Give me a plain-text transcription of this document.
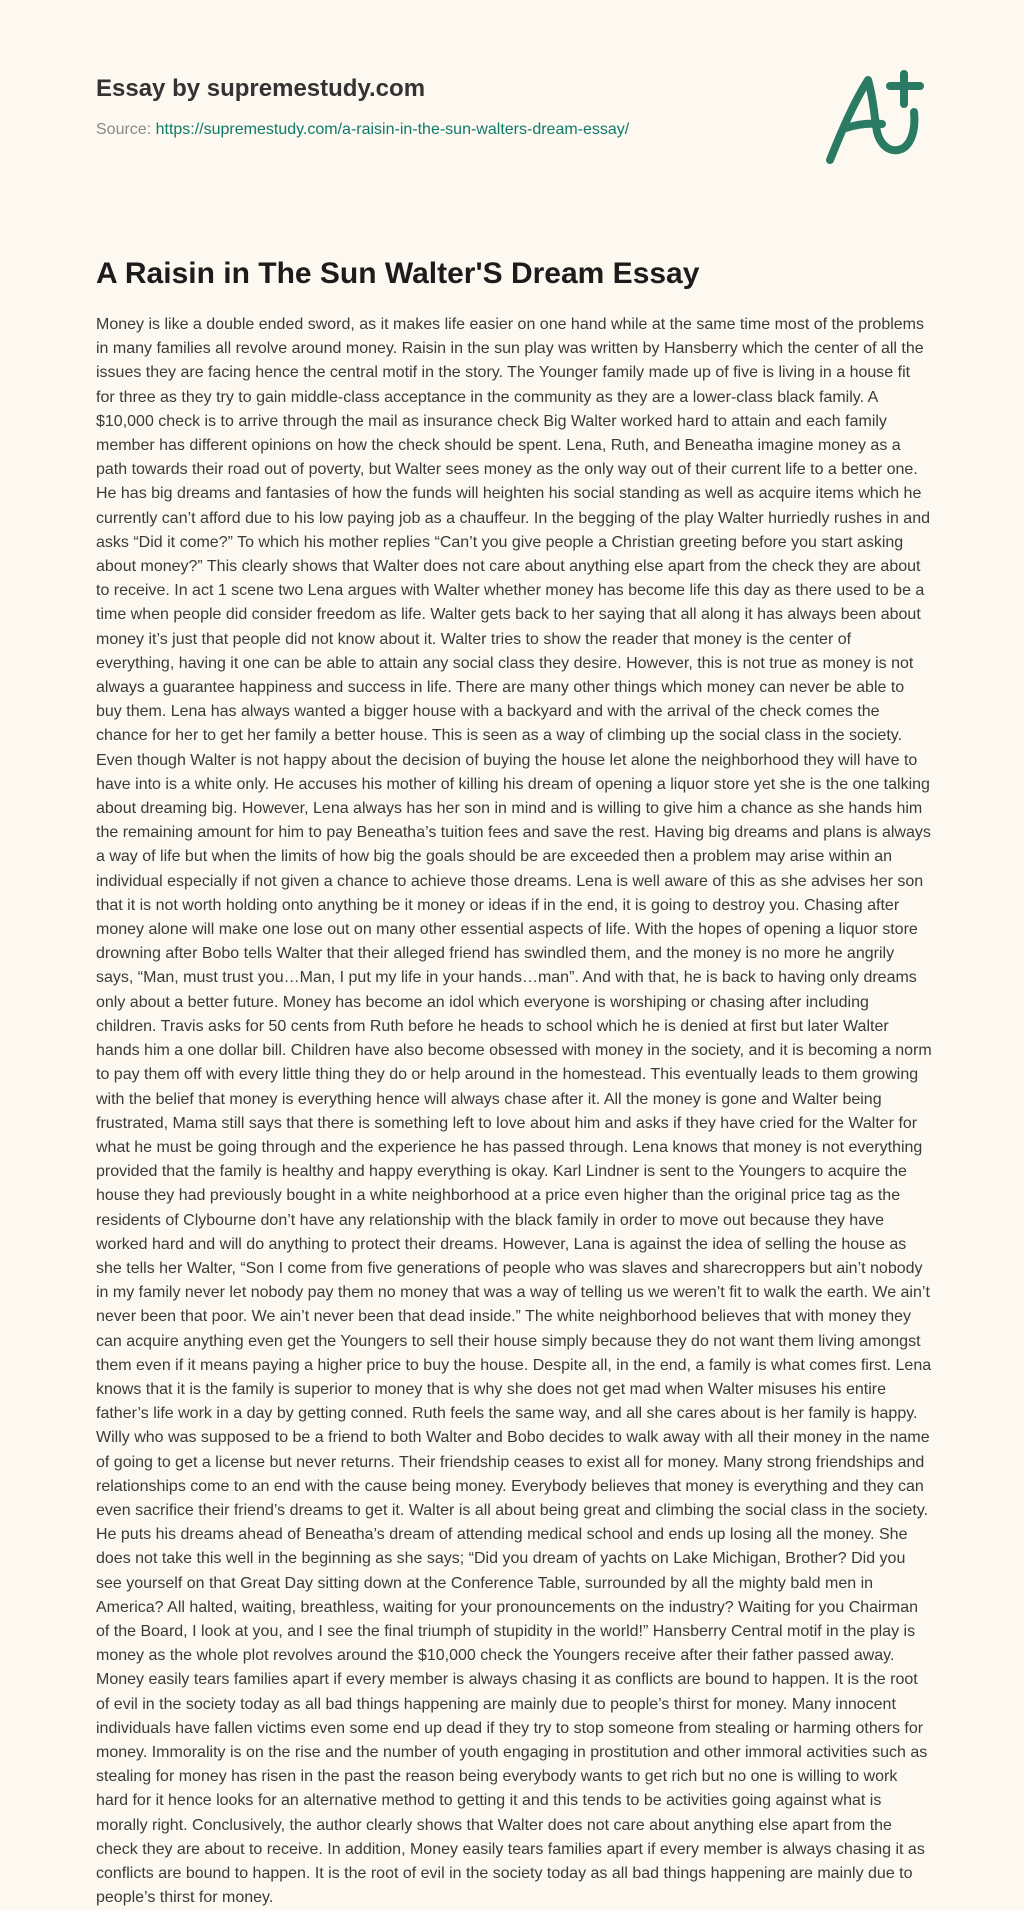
Essay by supremestudy.com
Source: https://supremestudy.com/a-raisin-in-the-sun-walters-dream-essay/
A Raisin in The Sun Walter'S Dream Essay

Money is like a double ended sword, as it makes life easier on one hand while at the same time most of the problems in many families all revolve around money. Raisin in the sun play was written by Hansberry which the center of all the issues they are facing hence the central motif in the story. The Younger family made up of five is living in a house fit for three as they try to gain middle-class acceptance in the community as they are a lower-class black family. A $10,000 check is to arrive through the mail as insurance check Big Walter worked hard to attain and each family member has different opinions on how the check should be spent. Lena, Ruth, and Beneatha imagine money as a path towards their road out of poverty, but Walter sees money as the only way out of their current life to a better one. He has big dreams and fantasies of how the funds will heighten his social standing as well as acquire items which he currently can’t afford due to his low paying job as a chauffeur. In the begging of the play Walter hurriedly rushes in and asks “Did it come?” To which his mother replies “Can’t you give people a Christian greeting before you start asking about money?” This clearly shows that Walter does not care about anything else apart from the check they are about to receive. In act 1 scene two Lena argues with Walter whether money has become life this day as there used to be a time when people did consider freedom as life. Walter gets back to her saying that all along it has always been about money it’s just that people did not know about it. Walter tries to show the reader that money is the center of everything, having it one can be able to attain any social class they desire. However, this is not true as money is not always a guarantee happiness and success in life. There are many other things which money can never be able to buy them. Lena has always wanted a bigger house with a backyard and with the arrival of the check comes the chance for her to get her family a better house. This is seen as a way of climbing up the social class in the society. Even though Walter is not happy about the decision of buying the house let alone the neighborhood they will have to have into is a white only. He accuses his mother of killing his dream of opening a liquor store yet she is the one talking about dreaming big. However, Lena always has her son in mind and is willing to give him a chance as she hands him the remaining amount for him to pay Beneatha’s tuition fees and save the rest. Having big dreams and plans is always a way of life but when the limits of how big the goals should be are exceeded then a problem may arise within an individual especially if not given a chance to achieve those dreams. Lena is well aware of this as she advises her son that it is not worth holding onto anything be it money or ideas if in the end, it is going to destroy you. Chasing after money alone will make one lose out on many other essential aspects of life. With the hopes of opening a liquor store drowning after Bobo tells Walter that their alleged friend has swindled them, and the money is no more he angrily says, “Man, must trust you…Man, I put my life in your hands…man”. And with that, he is back to having only dreams only about a better future. Money has become an idol which everyone is worshiping or chasing after including children. Travis asks for 50 cents from Ruth before he heads to school which he is denied at first but later Walter hands him a one dollar bill. Children have also become obsessed with money in the society, and it is becoming a norm to pay them off with every little thing they do or help around in the homestead. This eventually leads to them growing with the belief that money is everything hence will always chase after it. All the money is gone and Walter being frustrated, Mama still says that there is something left to love about him and asks if they have cried for the Walter for what he must be going through and the experience he has passed through. Lena knows that money is not everything provided that the family is healthy and happy everything is okay. Karl Lindner is sent to the Youngers to acquire the house they had previously bought in a white neighborhood at a price even higher than the original price tag as the residents of Clybourne don’t have any relationship with the black family in order to move out because they have worked hard and will do anything to protect their dreams. However, Lana is against the idea of selling the house as she tells her Walter, “Son I come from five generations of people who was slaves and sharecroppers but ain’t nobody in my family never let nobody pay them no money that was a way of telling us we weren’t fit to walk the earth. We ain’t never been that poor. We ain’t never been that dead inside.” The white neighborhood believes that with money they can acquire anything even get the Youngers to sell their house simply because they do not want them living amongst them even if it means paying a higher price to buy the house. Despite all, in the end, a family is what comes first. Lena knows that it is the family is superior to money that is why she does not get mad when Walter misuses his entire father’s life work in a day by getting conned. Ruth feels the same way, and all she cares about is her family is happy. Willy who was supposed to be a friend to both Walter and Bobo decides to walk away with all their money in the name of going to get a license but never returns. Their friendship ceases to exist all for money. Many strong friendships and relationships come to an end with the cause being money. Everybody believes that money is everything and they can even sacrifice their friend’s dreams to get it. Walter is all about being great and climbing the social class in the society. He puts his dreams ahead of Beneatha’s dream of attending medical school and ends up losing all the money. She does not take this well in the beginning as she says; “Did you dream of yachts on Lake Michigan, Brother? Did you see yourself on that Great Day sitting down at the Conference Table, surrounded by all the mighty bald men in America? All halted, waiting, breathless, waiting for your pronouncements on the industry? Waiting for you Chairman of the Board, I look at you, and I see the final triumph of stupidity in the world!” Hansberry Central motif in the play is money as the whole plot revolves around the $10,000 check the Youngers receive after their father passed away. Money easily tears families apart if every member is always chasing it as conflicts are bound to happen. It is the root of evil in the society today as all bad things happening are mainly due to people’s thirst for money. Many innocent individuals have fallen victims even some end up dead if they try to stop someone from stealing or harming others for money. Immorality is on the rise and the number of youth engaging in prostitution and other immoral activities such as stealing for money has risen in the past the reason being everybody wants to get rich but no one is willing to work hard for it hence looks for an alternative method to getting it and this tends to be activities going against what is morally right. Conclusively, the author clearly shows that Walter does not care about anything else apart from the check they are about to receive. In addition, Money easily tears families apart if every member is always chasing it as conflicts are bound to happen. It is the root of evil in the society today as all bad things happening are mainly due to people’s thirst for money.
